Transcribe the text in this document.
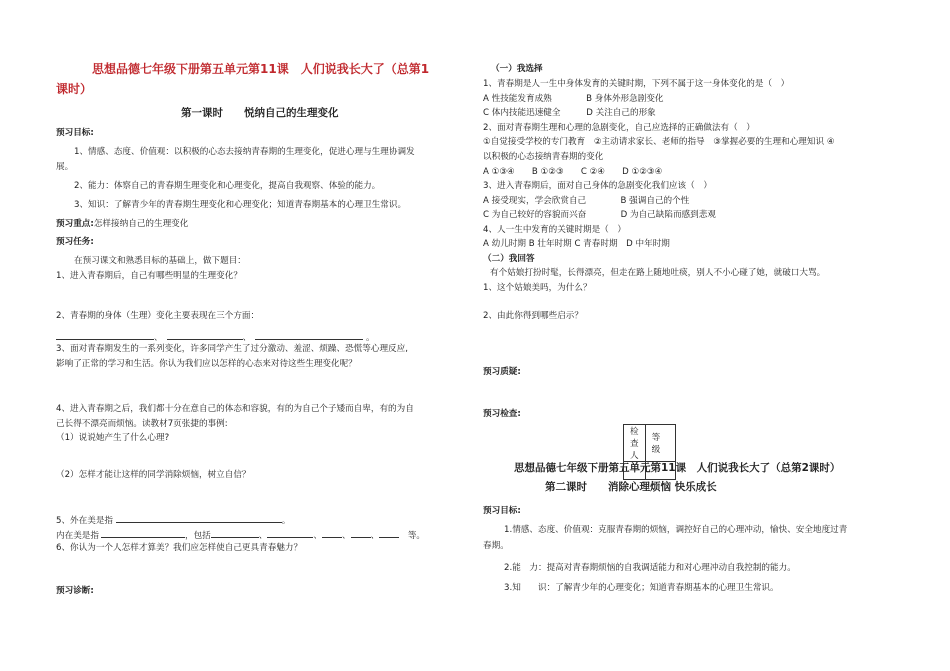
思想品德七年级下册第五单元第11课　人们说我长大了（总第1
课时）
第一课时　　悦纳自己的生理变化
预习目标:
1、情感、态度、价值观：以积极的心态去接纳青春期的生理变化，促进心理与生理协调发
展。
2、能力：体察自己的青春期生理变化和心理变化，提高自我观察、体验的能力。
3、知识：了解青少年的青春期生理变化和心理变化；知道青春期基本的心理卫生常识。
预习重点:怎样接纳自己的生理变化
预习任务:
在预习课文和熟悉目标的基础上，做下题目：
1、进入青春期后，自己有哪些明显的生理变化？
2、青春期的身体（生理）变化主要表现在三个方面：
、	、	。
3、面对青春期发生的一系列变化，许多同学产生了过分激动、羞涩、烦躁、恐慌等心理反应,
影响了正常的学习和生活。你认为我们应以怎样的心态来对待这些生理变化呢？
4、进入青春期之后，我们都十分在意自己的体态和容貌，有的为自己个子矮而自卑，有的为自
己长得不漂亮而烦恼。读教材7页张捷的事例:
（1）说说她产生了什么心理?
（2）怎样才能让这样的同学消除烦恼，树立自信？
5、外在美是指	。
内在美是指	，包括	、	、 、 、　	等。
6、你认为一个人怎样才算美？我们应怎样使自己更具青春魅力？
预习诊断:
（一）我选择
1、青春期是人一生中身体发育的关键时期，下列不属于这一身体变化的是（　）
A 性技能发育成熟　　　　B 身体外形急剧变化
C 体内技能迅速健全　　　D 关注自己的形象
2、面对青春期生理和心理的急剧变化，自己应选择的正确做法有（　）
①自觉接受学校的专门教育　②主动请求家长、老师的指导　③掌握必要的生理和心理知识 ④
以积极的心态接纳青春期的变化
A ①③④　　B ①②③　　C ②④　　D ①②③④
3、进入青春期后，面对自己身体的急剧变化我们应该（　）
A 接受现实，学会欣赏自己　　　　B 强调自己的个性
C 为自己较好的容貌而兴奋　　　　D 为自己缺陷而感到悲观
4、人一生中发育的关键时期是（　）
A 幼儿时期 B 壮年时期 C 青春时期　D 中年时期
（二）我回答
有个姑娘打扮时髦，长得漂亮，但走在路上随地吐痰，别人不小心碰了她，就破口大骂。
1、这个姑娘美吗，为什么？
2、由此你得到哪些启示？
预习质疑:
预习检查:
检查人	等　级

思想品德七年级下册第五单元第11课　人们说我长大了（总第2课时）
第二课时　　消除心理烦恼 快乐成长
预习目标:
1.情感、态度、价值观：克服青春期的烦恼，调控好自己的心理冲动，愉快、安全地度过青
春期。
2.能　力：提高对青春期烦恼的自我调适能力和对心理冲动自我控制的能力。
3.知　　识：了解青少年的心理变化；知道青春期基本的心理卫生常识。
